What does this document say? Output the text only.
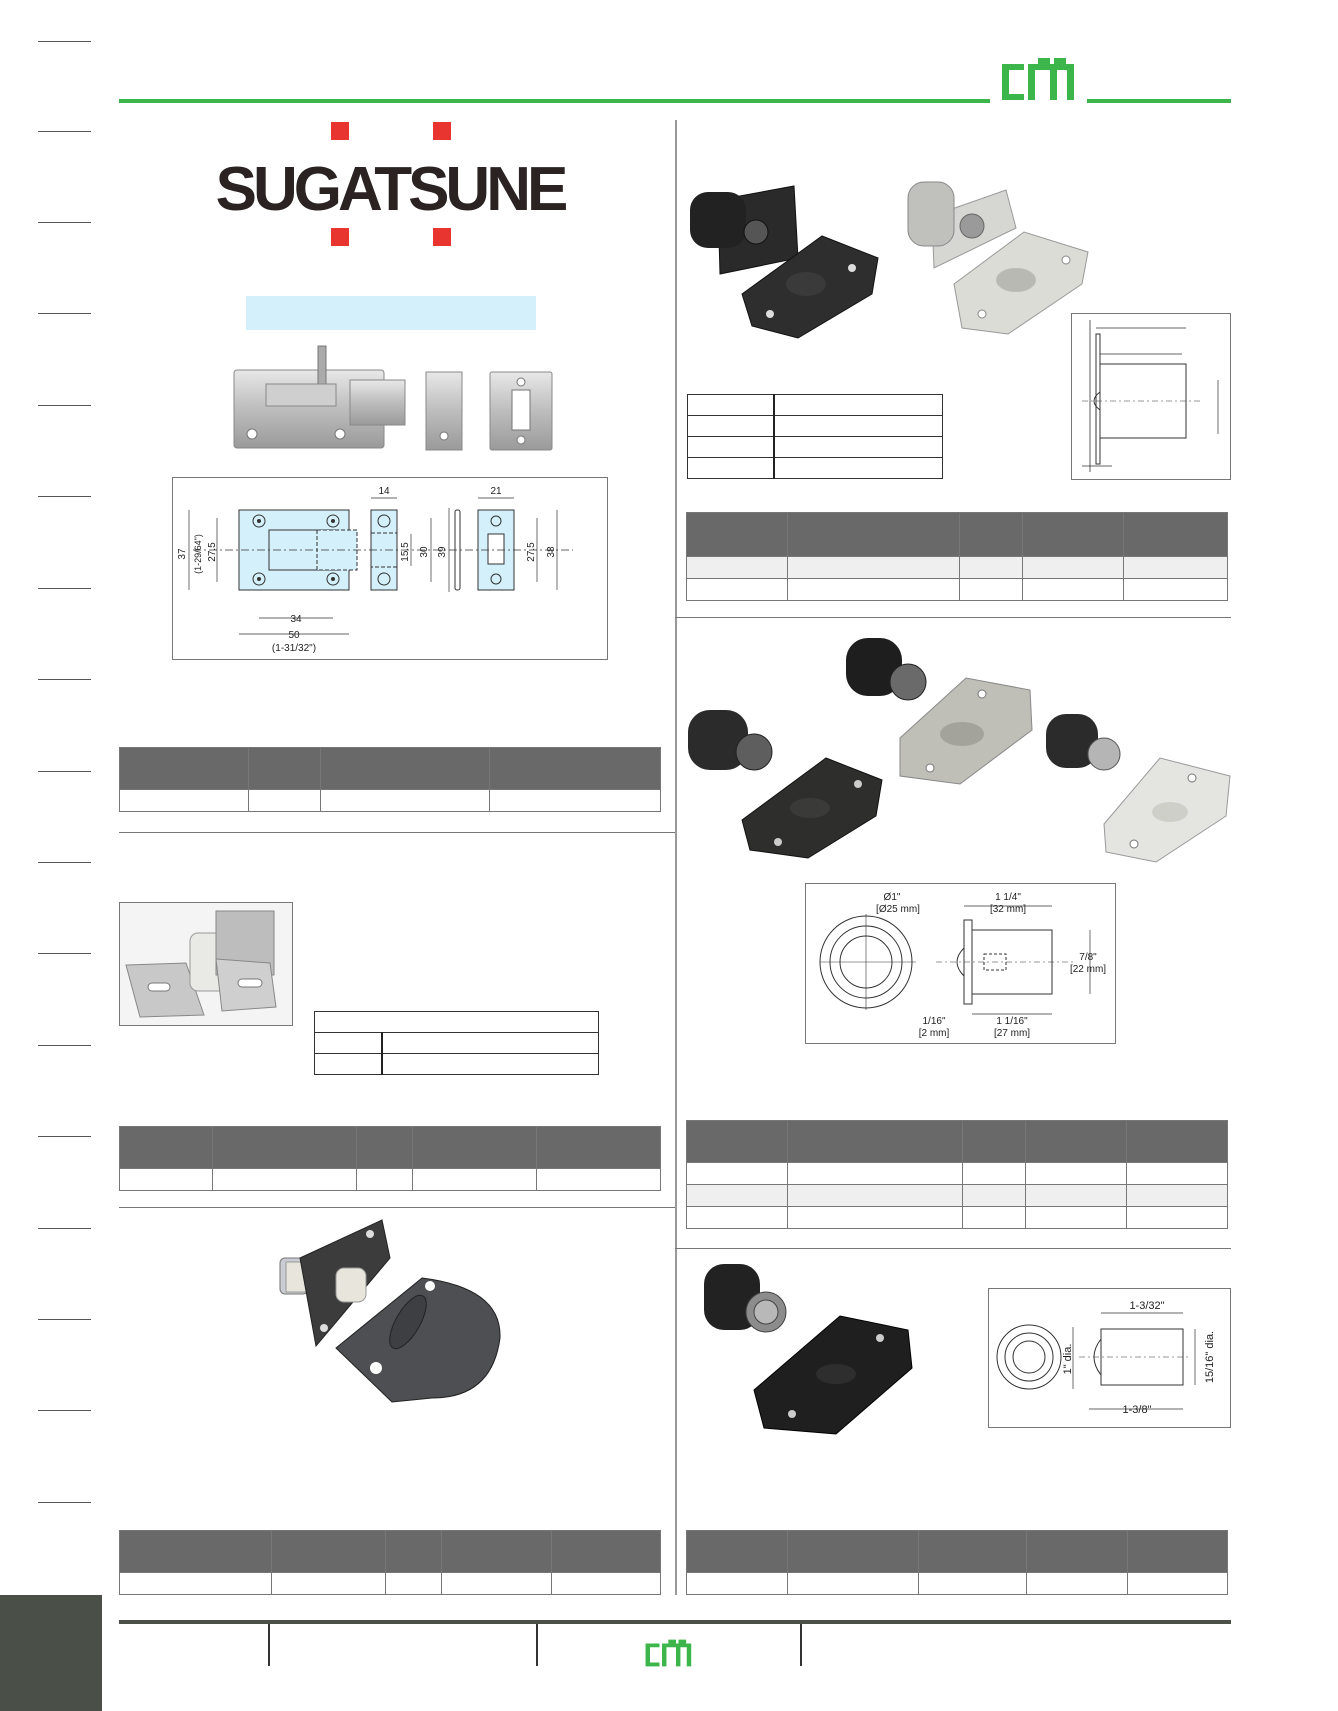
SUGATSUNE
14	21
37 (1-29/64") 27.5	15.5 30 39	27.5 38
34
50
(1-31/32")

Ø1"
[Ø25 mm]
1 1/4"
[32 mm]
7/8"
[22 mm]
1/16"
[2 mm]
1 1/16"
[27 mm]

1-3/32"
1" dia.	15/16" dia.
1-3/8"
